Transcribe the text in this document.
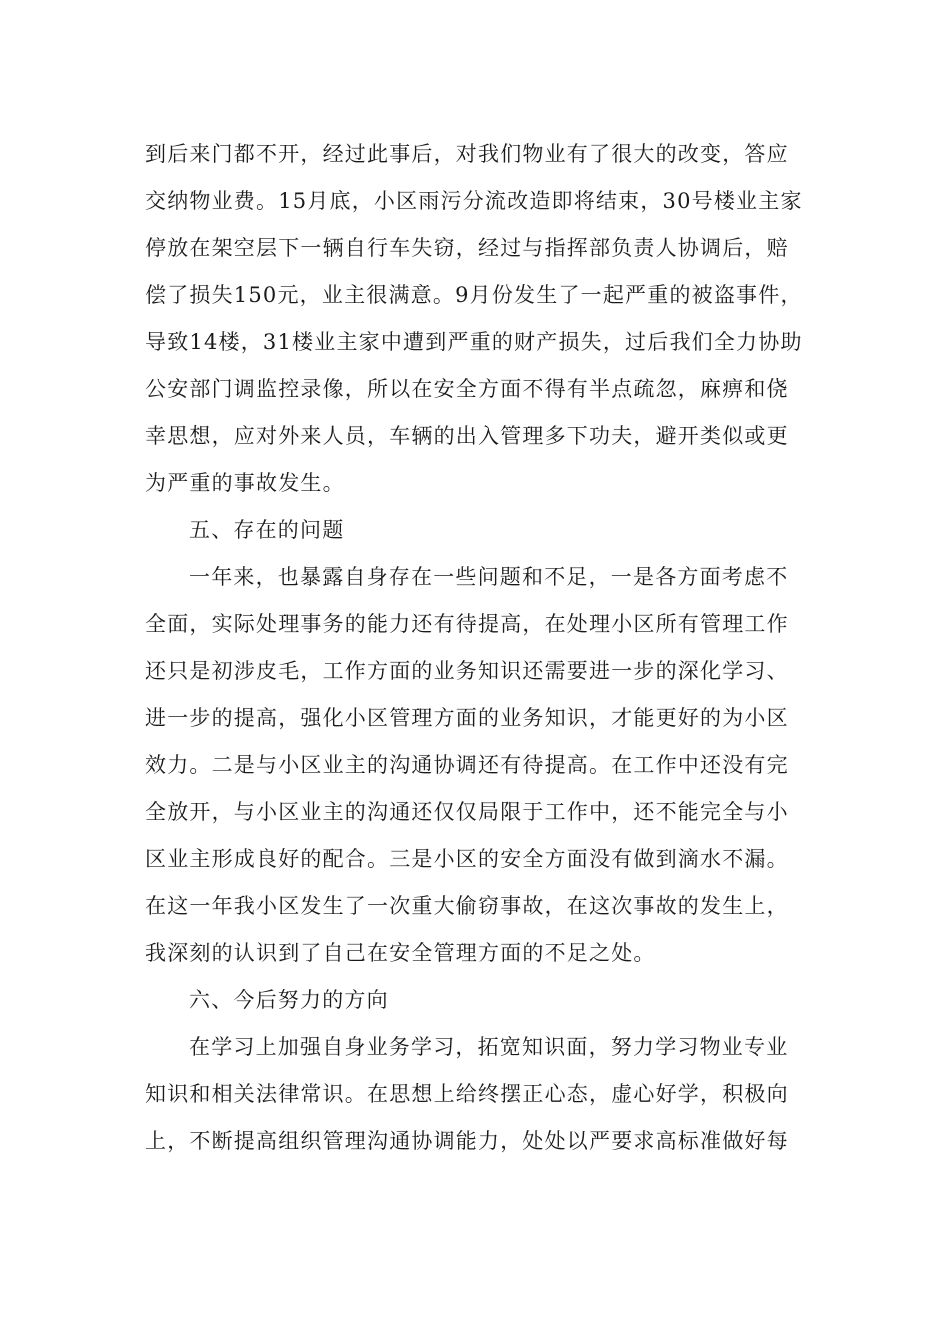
到后来门都不开，经过此事后，对我们物业有了很大的改变，答应

交纳物业费。15月底，小区雨污分流改造即将结束，30号楼业主家

停放在架空层下一辆自行车失窃，经过与指挥部负责人协调后，赔

偿了损失150元，业主很满意。9月份发生了一起严重的被盗事件，

导致14楼，31楼业主家中遭到严重的财产损失，过后我们全力协助

公安部门调监控录像，所以在安全方面不得有半点疏忽，麻痹和侥

幸思想，应对外来人员，车辆的出入管理多下功夫，避开类似或更

为严重的事故发生。

五、存在的问题

一年来，也暴露自身存在一些问题和不足，一是各方面考虑不

全面，实际处理事务的能力还有待提高，在处理小区所有管理工作

还只是初涉皮毛，工作方面的业务知识还需要进一步的深化学习、

进一步的提高，强化小区管理方面的业务知识，才能更好的为小区

效力。二是与小区业主的沟通协调还有待提高。在工作中还没有完

全放开，与小区业主的沟通还仅仅局限于工作中，还不能完全与小

区业主形成良好的配合。三是小区的安全方面没有做到滴水不漏。

在这一年我小区发生了一次重大偷窃事故，在这次事故的发生上，

我深刻的认识到了自己在安全管理方面的不足之处。

六、今后努力的方向

在学习上加强自身业务学习，拓宽知识面，努力学习物业专业

知识和相关法律常识。在思想上给终摆正心态，虚心好学，积极向

上，不断提高组织管理沟通协调能力，处处以严要求高标准做好每
